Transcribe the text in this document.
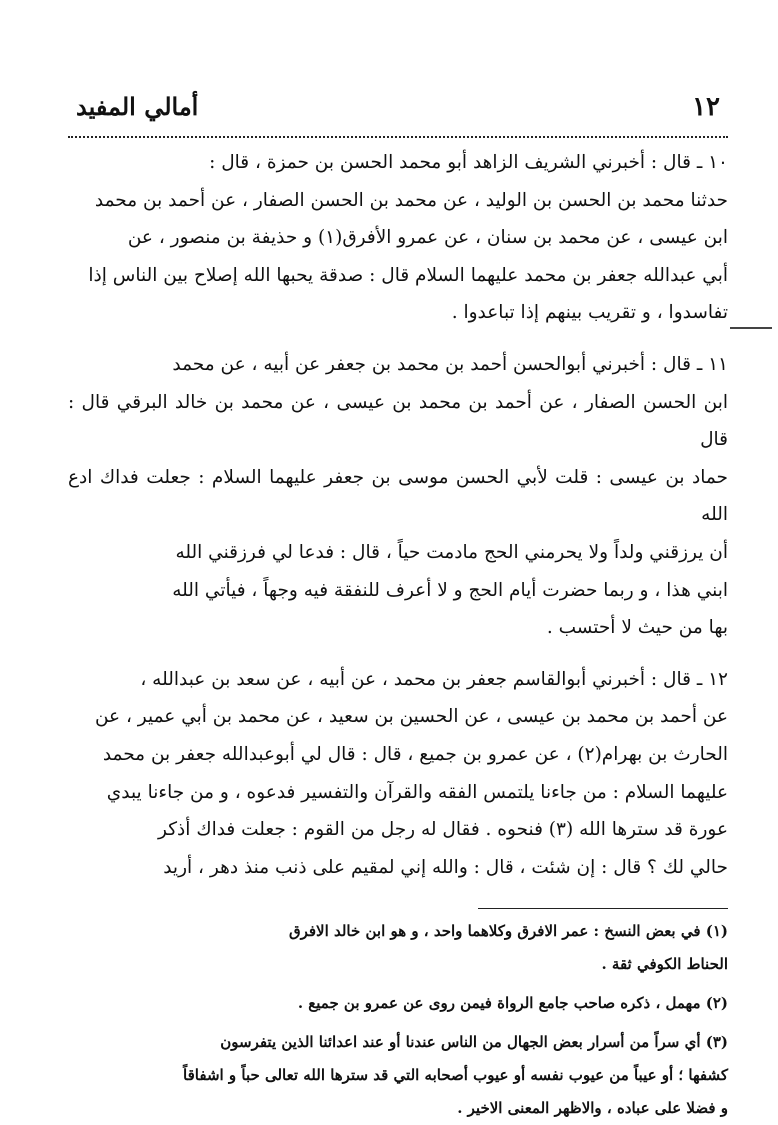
١٢
أمالي المفيد

١٠ ـ قال : أخبرني الشريف الزاهد أبو محمد الحسن بن حمزة ، قال :

حدثنا محمد بن الحسن بن الوليد ، عن محمد بن الحسن الصفار ، عن أحمد بن محمد

ابن عيسى ، عن محمد بن سنان ، عن عمرو الأفرق(١) و حذيفة بن منصور ، عن

أبي عبدالله جعفر بن محمد عليهما السلام قال : صدقة يحبها الله إصلاح بين الناس إذا

تفاسدوا ، و تقريب بينهم إذا تباعدوا .

١١ ـ قال : أخبرني أبوالحسن أحمد بن محمد بن جعفر عن أبيه ، عن محمد

ابن الحسن الصفار ، عن أحمد بن محمد بن عيسى ، عن محمد بن خالد البرقي قال : قال

حماد بن عيسى : قلت لأبي الحسن موسى بن جعفر عليهما السلام : جعلت فداك ادع الله

أن يرزقني ولداً ولا يحرمني الحج مادمت حياً ، قال : فدعا لي فرزقني الله

ابني هذا ، و ربما حضرت أيام الحج و لا أعرف للنفقة فيه وجهاً ، فيأتي الله

بها من حيث لا أحتسب .

١٢ ـ قال : أخبرني أبوالقاسم جعفر بن محمد ، عن أبيه ، عن سعد بن عبدالله ،

عن أحمد بن محمد بن عيسى ، عن الحسين بن سعيد ، عن محمد بن أبي عمير ، عن

الحارث بن بهرام(٢) ، عن عمرو بن جميع ، قال : قال لي أبوعبدالله جعفر بن محمد

عليهما السلام : من جاءنا يلتمس الفقه والقرآن والتفسير فدعوه ، و من جاءنا يبدي

عورة قد سترها الله (٣) فنحوه . فقال له رجل من القوم : جعلت فداك أذكر

حالي لك ؟ قال : إن شئت ، قال : والله إني لمقيم على ذنب منذ دهر ، أريد

(١) في بعض النسخ : عمر الافرق وكلاهما واحد ، و هو ابن خالد الافرق

الحناط الكوفي ثقة .

(٢) مهمل ، ذكره صاحب جامع الرواة فيمن روى عن عمرو بن جميع .

(٣) أي سراً من أسرار بعض الجهال من الناس عندنا أو عند اعدائنا الذين يتفرسون

كشفها ؛ أو عيباً من عيوب نفسه أو عيوب أصحابه التي قد سترها الله تعالى حباً و اشفاقاً

و فضلا على عباده ، والاظهر المعنى الاخير .
